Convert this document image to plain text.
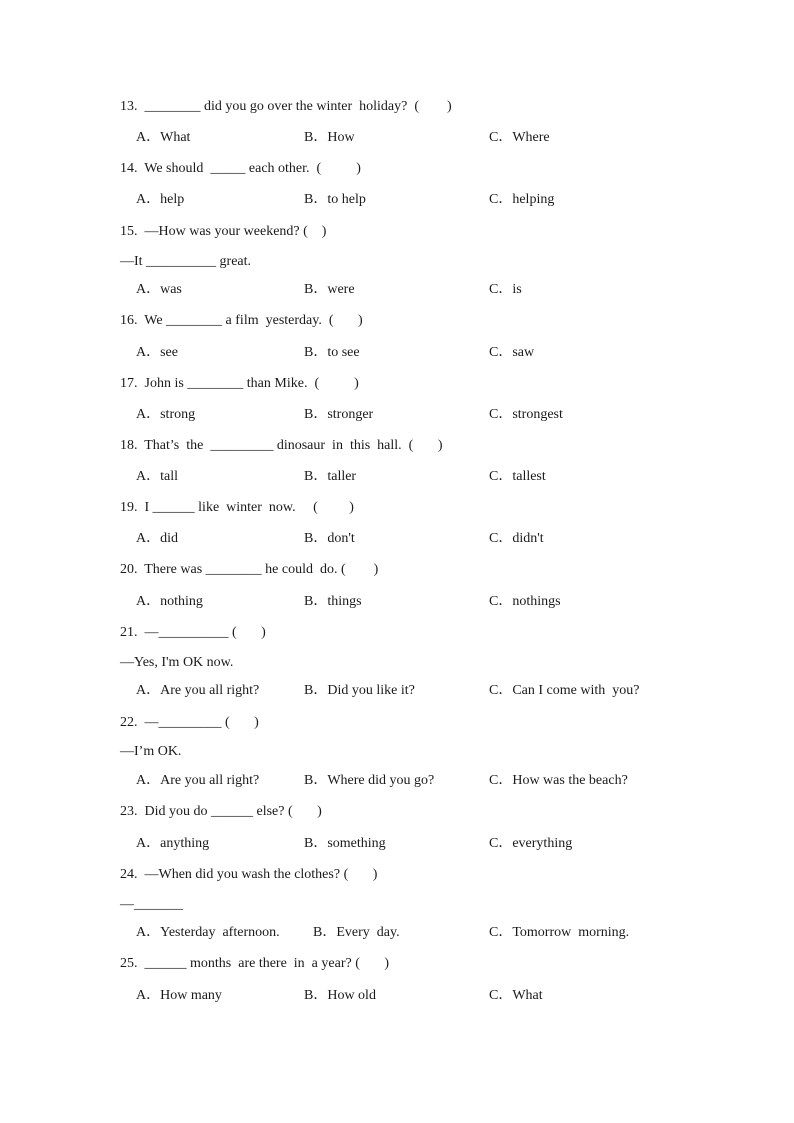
13.  ________ did you go over the winter  holiday?  (        )
A．What	B．How	C．Where
14.  We should  _____ each other.  (          )
A．help	B．to help	C．helping
15.  —How was your weekend? (    )
—It __________ great.
A．was	B．were	C．is
16.  We ________ a film  yesterday.  (       )
A．see	B．to see	C．saw
17.  John is ________ than Mike.  (          )
A．strong	B．stronger	C．strongest
18.  That’s  the  _________ dinosaur  in  this  hall.  (       )
A．tall	B．taller	C．tallest
19.  I ______ like  winter  now.     (         )
A．did	B．don't	C．didn't
20.  There was ________ he could  do. (        )
A．nothing	B．things	C．nothings
21.  —__________ (       )
—Yes, I'm OK now.
A．Are you all right?	B．Did you like it?	C．Can I come with  you?
22.  —_________ (       )
—I’m OK.
A．Are you all right?	B．Where did you go?	C．How was the beach?
23.  Did you do ______ else? (       )
A．anything	B．something	C．everything
24.  —When did you wash the clothes? (       )
—_______
A．Yesterday  afternoon. B．Every  day.	C．Tomorrow  morning.
25.  ______ months  are there  in  a year? (       )
A．How many	B．How old	C．What
